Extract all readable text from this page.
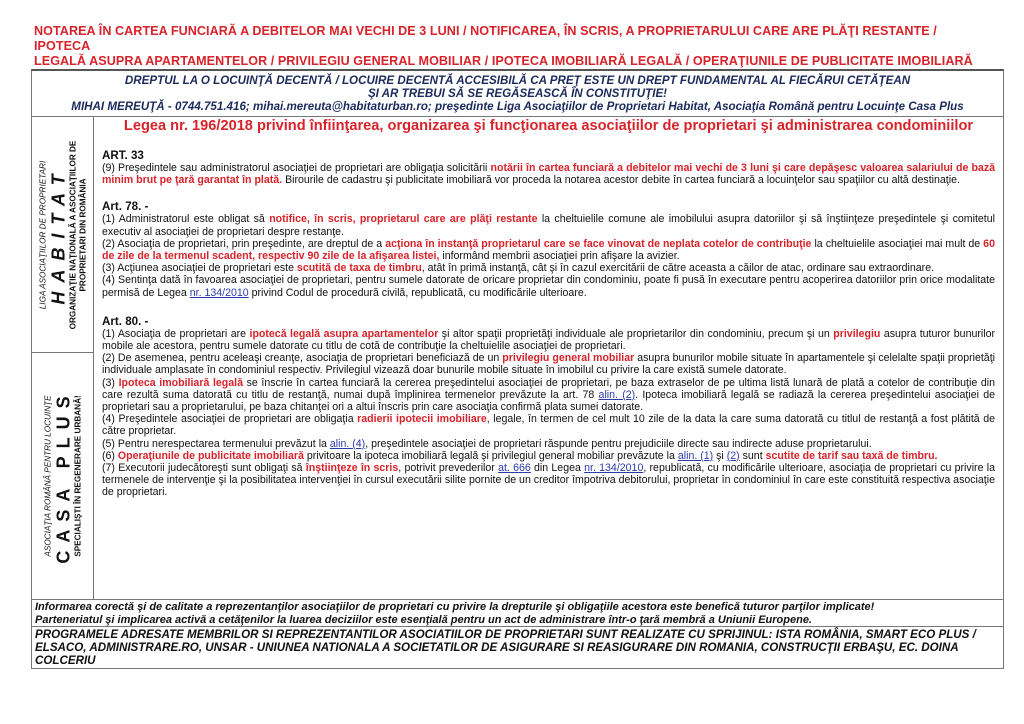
NOTAREA ÎN CARTEA FUNCIARĂ A DEBITELOR MAI VECHI DE 3 LUNI / NOTIFICAREA, ÎN SCRIS, A PROPRIETARULUI CARE ARE PLĂŢI RESTANTE / IPOTECA
LEGALĂ ASUPRA APARTAMENTELOR / PRIVILEGIU GENERAL MOBILIAR / IPOTECA IMOBILIARĂ LEGALĂ / OPERAŢIUNILE DE PUBLICITATE IMOBILIARĂ
DREPTUL LA O LOCUINŢĂ DECENTĂ / LOCUIRE DECENTĂ ACCESIBILĂ CA PREŢ ESTE UN DREPT FUNDAMENTAL AL FIECĂRUI CETĂŢEAN
ŞI AR TREBUI SĂ SE REGĂSEASCĂ ÎN CONSTITUŢIE!
MIHAI MEREUŢĂ - 0744.751.416; mihai.mereuta@habitaturban.ro; preşedinte Liga Asociaţiilor de Proprietari Habitat, Asociaţia Română pentru Locuinţe Casa Plus
LIGA ASOCIAŢIILOR DE PROPRIETARI HABITAT ORGANIZAŢIE NAŢIONALĂ A ASOCIAŢIILOR DE PROPRIETARI DIN ROMÂNIA
ASOCIAŢIA ROMÂNĂ PENTRU LOCUINŢE CASA PLUS SPECIALIŞTI ÎN REGENERARE URBANĂ!
Legea nr. 196/2018 privind înfiinţarea, organizarea şi funcţionarea asociaţiilor de proprietari şi administrarea condominiilor
ART. 33

(9) Preşedintele sau administratorul asociaţiei de proprietari are obligaţia solicitării notării în cartea funciară a debitelor mai vechi de 3 luni şi care depăşesc valoarea salariului de bază minim brut pe ţară garantat în plată. Birourile de cadastru şi publicitate imobiliară vor proceda la notarea acestor debite în cartea funciară a locuinţelor sau spaţiilor cu altă destinaţie.

Art. 78. -

(1) Administratorul este obligat să notifice, în scris, proprietarul care are plăţi restante la cheltuielile comune ale imobilului asupra datoriilor şi să înştiinţeze preşedintele şi comitetul executiv al asociaţiei de proprietari despre restanţe.

(2) Asociaţia de proprietari, prin preşedinte, are dreptul de a acţiona în instanţă proprietarul care se face vinovat de neplata cotelor de contribuţie la cheltuielile asociaţiei mai mult de 60 de zile de la termenul scadent, respectiv 90 zile de la afişarea listei, informând membrii asociaţiei prin afişare la avizier.

(3) Acţiunea asociaţiei de proprietari este scutită de taxa de timbru, atât în primă instanţă, cât şi în cazul exercitării de către aceasta a căilor de atac, ordinare sau extraordinare.

(4) Sentinţa dată în favoarea asociaţiei de proprietari, pentru sumele datorate de oricare proprietar din condominiu, poate fi pusă în executare pentru acoperirea datoriilor prin orice modalitate permisă de Legea nr. 134/2010 privind Codul de procedură civilă, republicată, cu modificările ulterioare.

Art. 80. -

(1) Asociaţia de proprietari are ipotecă legală asupra apartamentelor şi altor spaţii proprietăţi individuale ale proprietarilor din condominiu, precum şi un privilegiu asupra tuturor bunurilor mobile ale acestora, pentru sumele datorate cu titlu de cotă de contribuţie la cheltuielile asociaţiei de proprietari.

(2) De asemenea, pentru aceleaşi creanţe, asociaţia de proprietari beneficiază de un privilegiu general mobiliar asupra bunurilor mobile situate în apartamentele şi celelalte spaţii proprietăţi individuale amplasate în condominiul respectiv. Privilegiul vizează doar bunurile mobile situate în imobilul cu privire la care există sumele datorate.

(3) Ipoteca imobiliară legală se înscrie în cartea funciară la cererea preşedintelui asociaţiei de proprietari, pe baza extraselor de pe ultima listă lunară de plată a cotelor de contribuţie din care rezultă suma datorată cu titlu de restanţă, numai după împlinirea termenelor prevăzute la art. 78 alin. (2). Ipoteca imobiliară legală se radiază la cererea preşedintelui asociaţiei de proprietari sau a proprietarului, pe baza chitanţei ori a altui înscris prin care asociaţia confirmă plata sumei datorate.

(4) Preşedintele asociaţiei de proprietari are obligaţia radierii ipotecii imobiliare, legale, în termen de cel mult 10 zile de la data la care suma datorată cu titlul de restanţă a fost plătită de către proprietar.

(5) Pentru nerespectarea termenului prevăzut la alin. (4), preşedintele asociaţiei de proprietari răspunde pentru prejudiciile directe sau indirecte aduse proprietarului.

(6) Operaţiunile de publicitate imobiliară privitoare la ipoteca imobiliară legală şi privilegiul general mobiliar prevăzute la alin. (1) şi (2) sunt scutite de tarif sau taxă de timbru.

(7) Executorii judecătoreşti sunt obligaţi să înştiinţeze în scris, potrivit prevederilor at. 666 din Legea nr. 134/2010, republicată, cu modificările ulterioare, asociaţia de proprietari cu privire la termenele de intervenţie şi la posibilitatea intervenţiei în cursul executării silite pornite de un creditor împotriva debitorului, proprietar în condominiul în care este constituită respectiva asociaţie de proprietari.

Informarea corectă şi de calitate a reprezentanţilor asociaţiilor de proprietari cu privire la drepturile şi obligaţiile acestora este benefică tuturor parţilor implicate!
Parteneriatul şi implicarea activă a cetăţenilor la luarea deciziilor este esenţială pentru un act de administrare într-o ţară membră a Uniunii Europene.
PROGRAMELE ADRESATE MEMBRILOR SI REPREZENTANTILOR ASOCIATIILOR DE PROPRIETARI SUNT REALIZATE CU SPRIJINUL: ISTA ROMÂNIA, SMART ECO PLUS / ELSACO, ADMINISTRARE.RO, UNSAR - UNIUNEA NATIONALA A SOCIETATILOR DE ASIGURARE SI REASIGURARE DIN ROMANIA, CONSTRUCŢII ERBAŞU, EC. DOINA COLCERIU
